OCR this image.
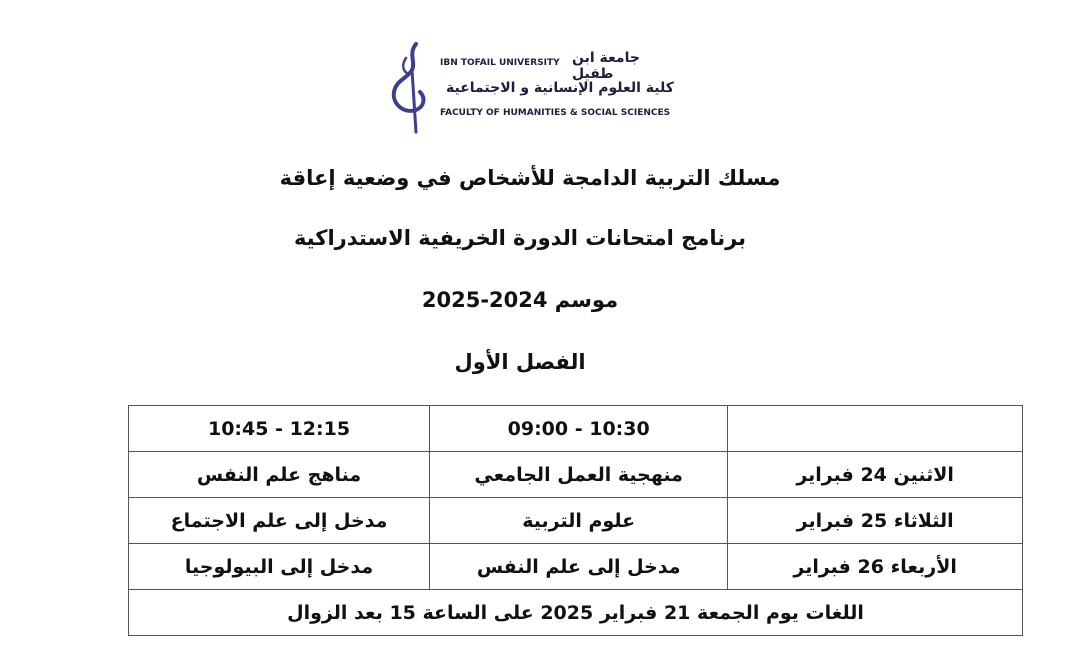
IBN TOFAIL UNIVERSITY جامعة ابن طفيل
كلية العلوم الإنسانية و الاجتماعية
FACULTY OF HUMANITIES & SOCIAL SCIENCES
مسلك التربية الدامجة للأشخاص في وضعية إعاقة
برنامج امتحانات الدورة الخريفية الاستدراكية
موسم 2024-2025
الفصل الأول
	09:00 - 10:30	10:45 - 12:15
الاثنين 24 فبراير	منهجية العمل الجامعي	مناهج علم النفس
الثلاثاء 25 فبراير	علوم التربية	مدخل إلى علم الاجتماع
الأربعاء 26 فبراير	مدخل إلى علم النفس	مدخل إلى البيولوجيا
اللغات يوم الجمعة 21 فبراير 2025 على الساعة 15 بعد الزوال		
